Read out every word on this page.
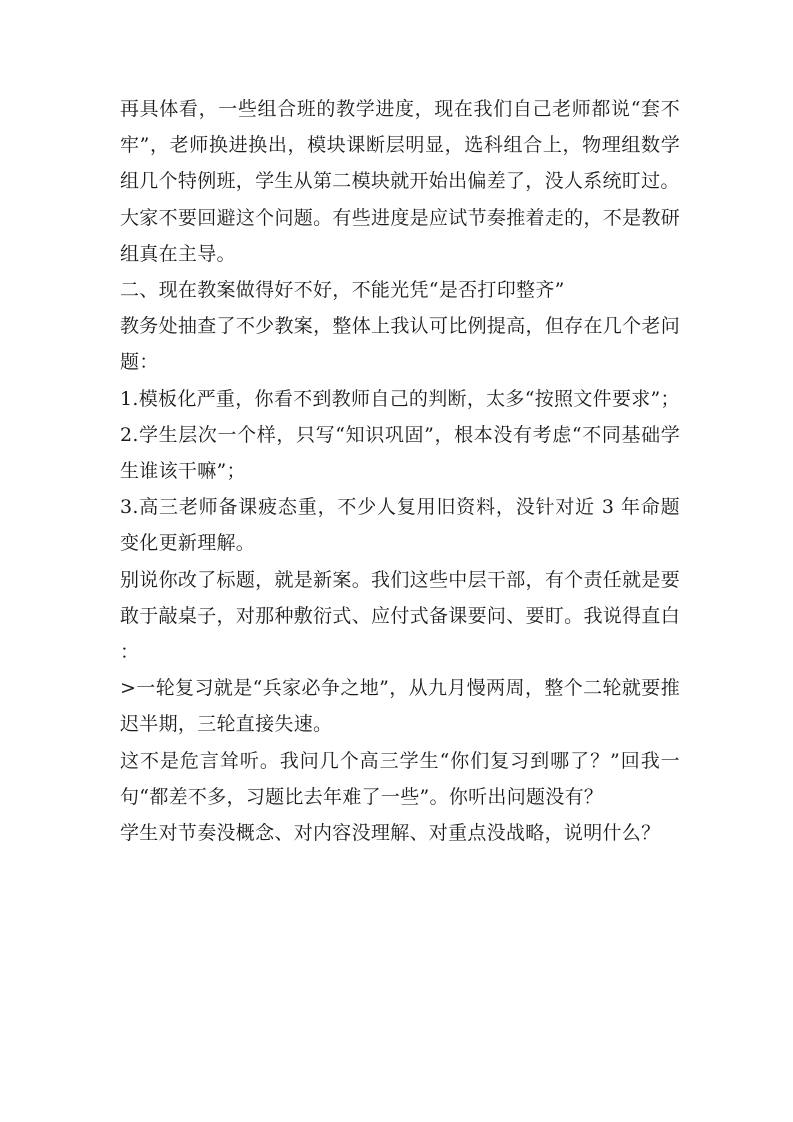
再具体看，一些组合班的教学进度，现在我们自己老师都说“套不牢”，老师换进换出，模块课断层明显，选科组合上，物理组数学组几个特例班，学生从第二模块就开始出偏差了，没人系统盯过。

大家不要回避这个问题。有些进度是应试节奏推着走的，不是教研组真在主导。

二、现在教案做得好不好，不能光凭“是否打印整齐”

教务处抽查了不少教案，整体上我认可比例提高，但存在几个老问题：

1.模板化严重，你看不到教师自己的判断，太多“按照文件要求”；

2.学生层次一个样，只写“知识巩固”，根本没有考虑“不同基础学生谁该干嘛”；

3.高三老师备课疲态重，不少人复用旧资料，没针对近 3 年命题变化更新理解。

别说你改了标题，就是新案。我们这些中层干部，有个责任就是要敢于敲桌子，对那种敷衍式、应付式备课要问、要盯。我说得直白：

>一轮复习就是“兵家必争之地”，从九月慢两周，整个二轮就要推迟半期，三轮直接失速。

这不是危言耸听。我问几个高三学生“你们复习到哪了？”回我一句“都差不多，习题比去年难了一些”。你听出问题没有？

学生对节奏没概念、对内容没理解、对重点没战略，说明什么？
